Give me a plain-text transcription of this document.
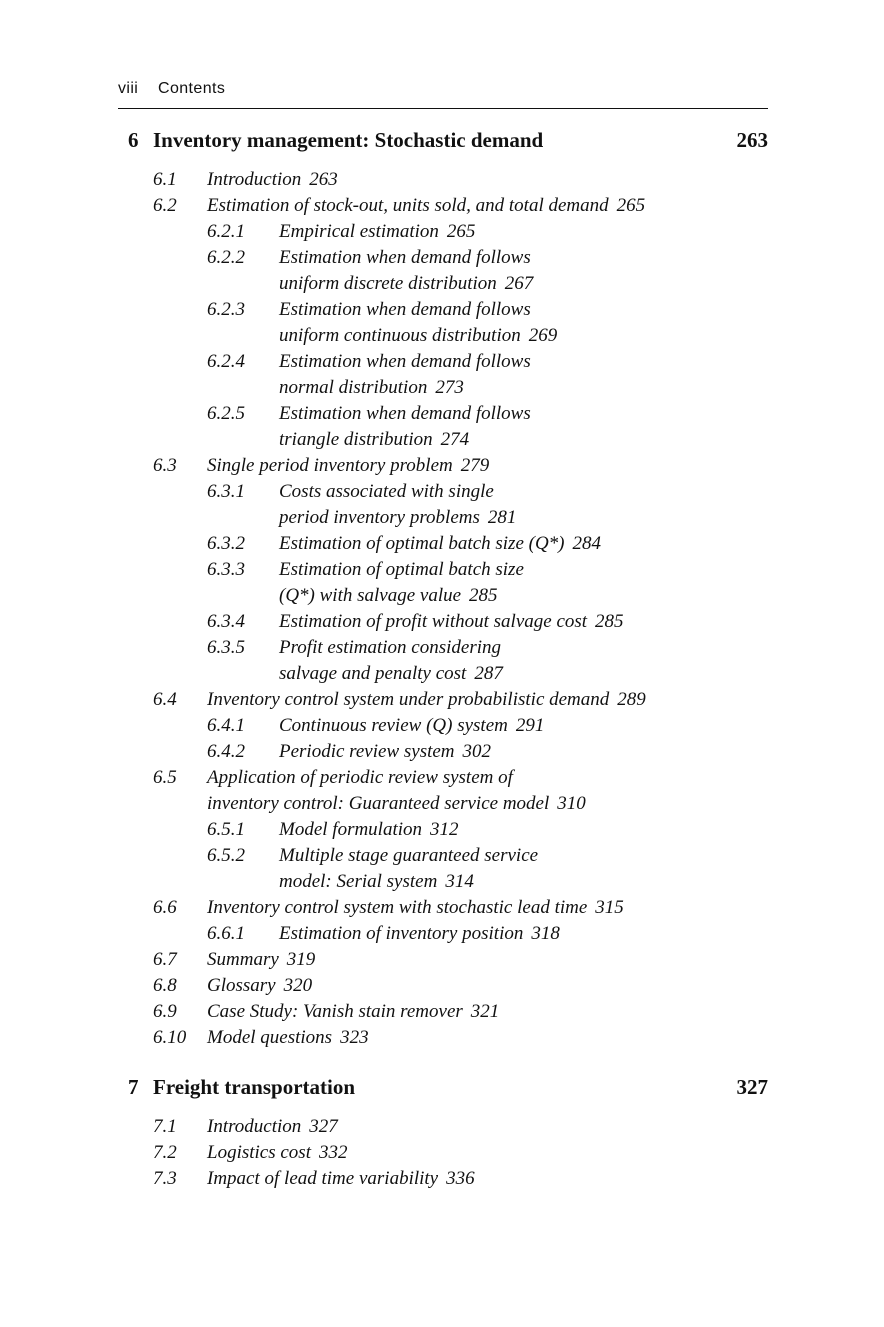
viii Contents
6 Inventory management: Stochastic demand	263
7 Freight transportation	327
6.1 Introduction 263
6.2 Estimation of stock-out, units sold, and total demand 265
6.2.1 Empirical estimation 265
6.2.2 Estimation when demand follows
uniform discrete distribution 267
6.2.3 Estimation when demand follows
uniform continuous distribution 269
6.2.4 Estimation when demand follows
normal distribution 273
6.2.5 Estimation when demand follows
triangle distribution 274
6.3 Single period inventory problem 279
6.3.1 Costs associated with single
period inventory problems 281
6.3.2 Estimation of optimal batch size (Q*) 284
6.3.3 Estimation of optimal batch size
(Q*) with salvage value 285
6.3.4 Estimation of profit without salvage cost 285
6.3.5 Profit estimation considering
salvage and penalty cost 287
6.4 Inventory control system under probabilistic demand 289
6.4.1 Continuous review (Q) system 291
6.4.2 Periodic review system 302
6.5 Application of periodic review system of
inventory control: Guaranteed service model 310
6.5.1 Model formulation 312
6.5.2 Multiple stage guaranteed service
model: Serial system 314
6.6 Inventory control system with stochastic lead time 315
6.6.1 Estimation of inventory position 318
6.7 Summary 319
6.8 Glossary 320
6.9 Case Study: Vanish stain remover 321
6.10 Model questions 323
7.1 Introduction 327
7.2 Logistics cost 332
7.3 Impact of lead time variability 336
